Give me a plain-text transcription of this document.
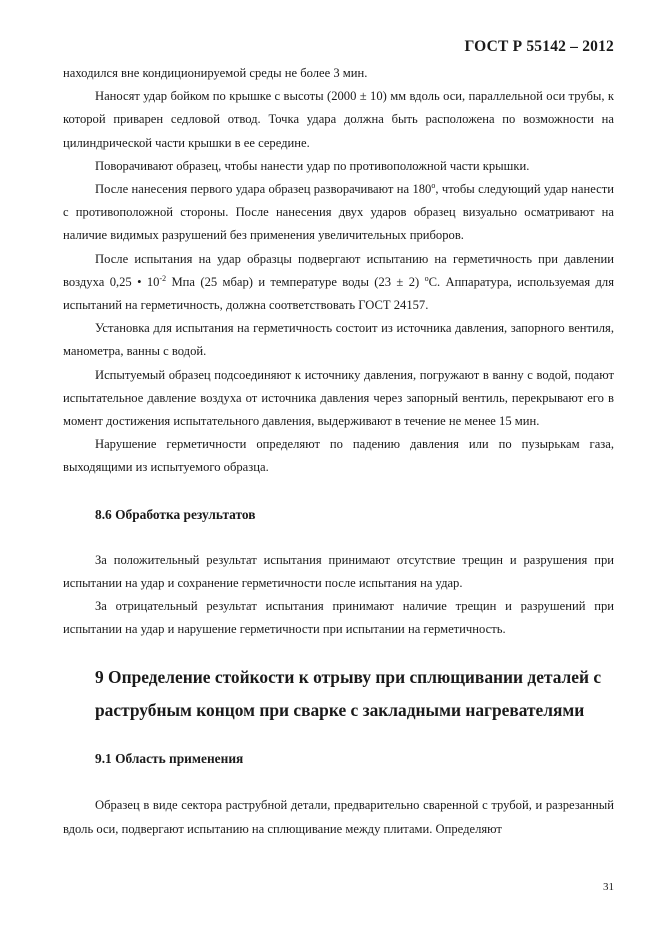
ГОСТ Р 55142 – 2012

находился вне кондиционируемой среды не более 3 мин.

Наносят удар бойком по крышке с высоты (2000 ± 10) мм вдоль оси, параллельной оси трубы, к которой приварен седловой отвод. Точка удара должна быть расположена по возможности на цилиндрической части крышки в ее середине.

Поворачивают образец, чтобы нанести удар по противоположной части крышки.

После нанесения первого удара образец разворачивают на $180^о$, чтобы следующий удар нанести с противоположной стороны. После нанесения двух ударов образец визуально осматривают на наличие видимых разрушений без применения увеличительных приборов.

После испытания на удар образцы подвергают испытанию на герметичность при давлении воздуха 0,25 • $10^{-2}$ Мпа (25 мбар) и температуре воды (23 ± 2) $^о$С. Аппаратура, используемая для испытаний на герметичность, должна соответствовать ГОСТ 24157.

Установка для испытания на герметичность состоит из источника давления, запорного вентиля, манометра, ванны с водой.

Испытуемый образец подсоединяют к источнику давления, погружают в ванну с водой, подают испытательное давление воздуха от источника давления через запорный вентиль, перекрывают его в момент достижения испытательного давления, выдерживают в течение не менее 15 мин.

Нарушение герметичности определяют по падению давления или по пузырькам газа, выходящими из испытуемого образца.

8.6 Обработка результатов

За положительный результат испытания принимают отсутствие трещин и разрушения при испытании на удар и сохранение герметичности после испытания на удар.

За отрицательный результат испытания принимают наличие трещин и разрушений при испытании на удар и нарушение герметичности при испытании на герметичность.

9 Определение стойкости к отрыву при сплющивании деталей с раструбным концом при сварке с закладными нагревателями

9.1 Область применения

Образец в виде сектора раструбной детали, предварительно сваренной с трубой, и разрезанный вдоль оси, подвергают испытанию на сплющивание между плитами. Определяют

31
